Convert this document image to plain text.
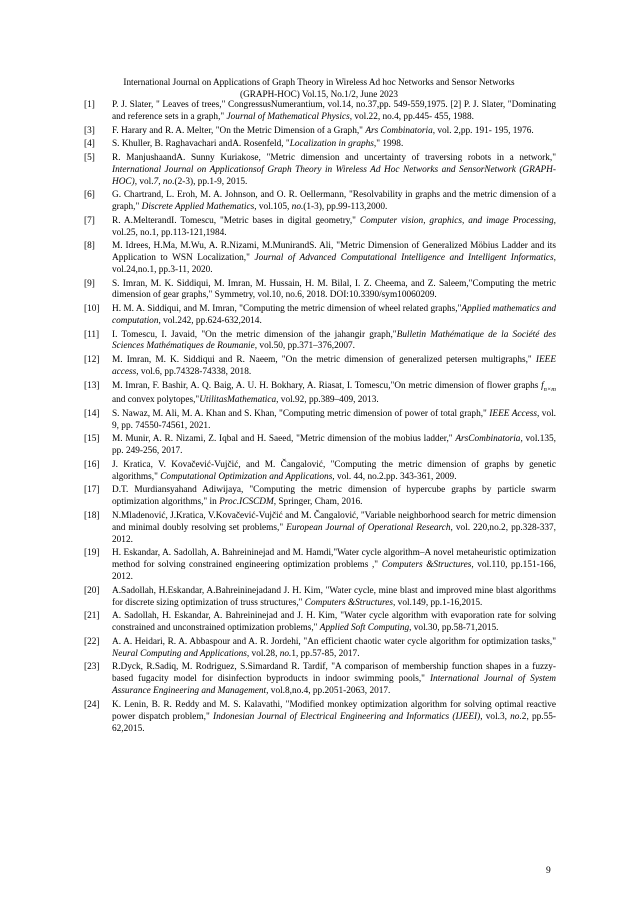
International Journal on Applications of Graph Theory in Wireless Ad hoc Networks and Sensor Networks
(GRAPH-HOC) Vol.15, No.1/2, June 2023
[1] P. J. Slater, " Leaves of trees," CongressusNumerantium, vol.14, no.37,pp. 549-559,1975. [2] P. J. Slater, "Dominating and reference sets in a graph," Journal of Mathematical Physics, vol.22, no.4, pp.445- 455, 1988.
[3] F. Harary and R. A. Melter, "On the Metric Dimension of a Graph," Ars Combinatoria, vol. 2,pp. 191- 195, 1976.
[4] S. Khuller, B. Raghavachari andA. Rosenfeld, "Localization in graphs," 1998.
[5] R. ManjushaandA. Sunny Kuriakose, "Metric dimension and uncertainty of traversing robots in a network," International Journal on Applicationsof Graph Theory in Wireless Ad Hoc Networks and SensorNetwork (GRAPH-HOC), vol.7, no.(2-3), pp.1-9, 2015.
[6] G. Chartrand, L. Eroh, M. A. Johnson, and O. R. Oellermann, "Resolvability in graphs and the metric dimension of a graph," Discrete Applied Mathematics, vol.105, no.(1-3), pp.99-113,2000.
[7] R. A.MelterandI. Tomescu, "Metric bases in digital geometry," Computer vision, graphics, and image Processing, vol.25, no.1, pp.113-121,1984.
[8] M. Idrees, H.Ma, M.Wu, A. R.Nizami, M.MunirandS. Ali, "Metric Dimension of Generalized Möbius Ladder and its Application to WSN Localization," Journal of Advanced Computational Intelligence and Intelligent Informatics, vol.24,no.1, pp.3-11, 2020.
[9] S. Imran, M. K. Siddiqui, M. Imran, M. Hussain, H. M. Bilal, I. Z. Cheema, and Z. Saleem,"Computing the metric dimension of gear graphs," Symmetry, vol.10, no.6, 2018. DOI:10.3390/sym10060209.
[10] H. M. A. Siddiqui, and M. Imran, "Computing the metric dimension of wheel related graphs,"Applied mathematics and computation, vol.242, pp.624-632,2014.
[11] I. Tomescu, I. Javaid, "On the metric dimension of the jahangir graph,"Bulletin Mathématique de la Société des Sciences Mathématiques de Roumanie, vol.50, pp.371–376,2007.
[12] M. Imran, M. K. Siddiqui and R. Naeem, "On the metric dimension of generalized petersen multigraphs," IEEE access, vol.6, pp.74328-74338, 2018.
[13] M. Imran, F. Bashir, A. Q. Baig, A. U. H. Bokhary, A. Riasat, I. Tomescu,"On metric dimension of flower graphs $f_{n\times m}$ and convex polytopes,"UtilitasMathematica, vol.92, pp.389–409, 2013.
[14] S. Nawaz, M. Ali, M. A. Khan and S. Khan, "Computing metric dimension of power of total graph," IEEE Access, vol. 9, pp. 74550-74561, 2021.
[15] M. Munir, A. R. Nizami, Z. Iqbal and H. Saeed, "Metric dimension of the mobius ladder," ArsCombinatoria, vol.135, pp. 249-256, 2017.
[16] J. Kratica, V. Kovačević-Vujčić, and M. Čangalović, "Computing the metric dimension of graphs by genetic algorithms," Computational Optimization and Applications, vol. 44, no.2.pp. 343-361, 2009.
[17] D.T. Murdiansyahand Adiwijaya, "Computing the metric dimension of hypercube graphs by particle swarm optimization algorithms," in Proc.ICSCDM, Springer, Cham, 2016.
[18] N.Mladenović, J.Kratica, V.Kovačević-Vujčić and M. Čangalović, "Variable neighborhood search for metric dimension and minimal doubly resolving set problems," European Journal of Operational Research, vol. 220,no.2, pp.328-337, 2012.
[19] H. Eskandar, A. Sadollah, A. Bahreininejad and M. Hamdi,"Water cycle algorithm–A novel metaheuristic optimization method for solving constrained engineering optimization problems ," Computers &Structures, vol.110, pp.151-166, 2012.
[20] A.Sadollah, H.Eskandar, A.Bahreininejadand J. H. Kim, "Water cycle, mine blast and improved mine blast algorithms for discrete sizing optimization of truss structures," Computers &Structures, vol.149, pp.1-16,2015.
[21] A. Sadollah, H. Eskandar, A. Bahreininejad and J. H. Kim, "Water cycle algorithm with evaporation rate for solving constrained and unconstrained optimization problems," Applied Soft Computing, vol.30, pp.58-71,2015.
[22] A. A. Heidari, R. A. Abbaspour and A. R. Jordehi, "An efficient chaotic water cycle algorithm for optimization tasks," Neural Computing and Applications, vol.28, no.1, pp.57-85, 2017.
[23] R.Dyck, R.Sadiq, M. Rodriguez, S.Simardand R. Tardif, "A comparison of membership function shapes in a fuzzy-based fugacity model for disinfection byproducts in indoor swimming pools," International Journal of System Assurance Engineering and Management, vol.8,no.4, pp.2051-2063, 2017.
[24] K. Lenin, B. R. Reddy and M. S. Kalavathi, "Modified monkey optimization algorithm for solving optimal reactive power dispatch problem," Indonesian Journal of Electrical Engineering and Informatics (IJEEI), vol.3, no.2, pp.55-62,2015.
9
